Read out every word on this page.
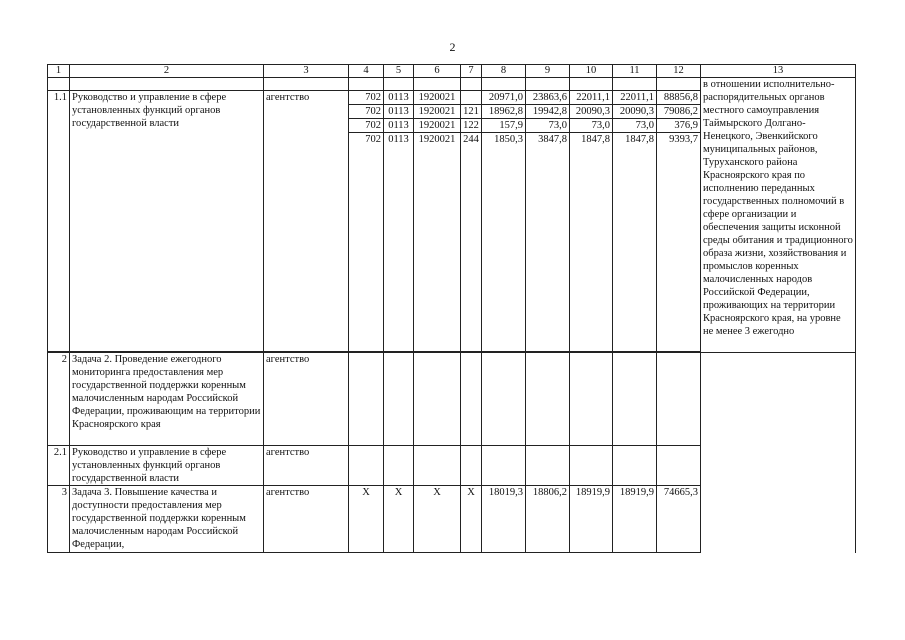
2
1	2	3	4	5	6	7	8	9	10	11	12	13
												в отношении исполнительно-распорядительных органов местного самоуправления Таймырского Долгано-Ненецкого, Эвенкийского муниципальных районов, Туруханского района Красноярского края по исполнению переданных государственных полномочий в сфере организации и обеспечения защиты исконной среды обитания и традиционного образа жизни, хозяйствования и промыслов коренных малочисленных народов Российской Федерации, проживающих на территории Красноярского края, на уровне не менее 3 ежегодно
1.1	Руководство и управление в сфере установленных функций органов государственной власти	агентство	702	0113	1920021		20971,0	23863,6	22011,1	22011,1	88856,8	
			702	0113	1920021	121	18962,8	19942,8	20090,3	20090,3	79086,2	
			702	0113	1920021	122	157,9	73,0	73,0	73,0	376,9	
			702	0113	1920021	244	1850,3	3847,8	1847,8	1847,8	9393,7	

2	Задача 2. Проведение ежегодного мониторинга предоставления мер государственной поддержки коренным малочисленным народам Российской Федерации, проживающим на территории Красноярского края	агентство										
2.1	Руководство и управление в сфере установленных функций органов государственной власти	агентство										
3	Задача 3. Повышение качества и доступности предоставления мер государственной поддержки коренным малочисленным народам Российской Федерации,	агентство	Х	Х	Х	Х	18019,3	18806,2	18919,9	18919,9	74665,3	
